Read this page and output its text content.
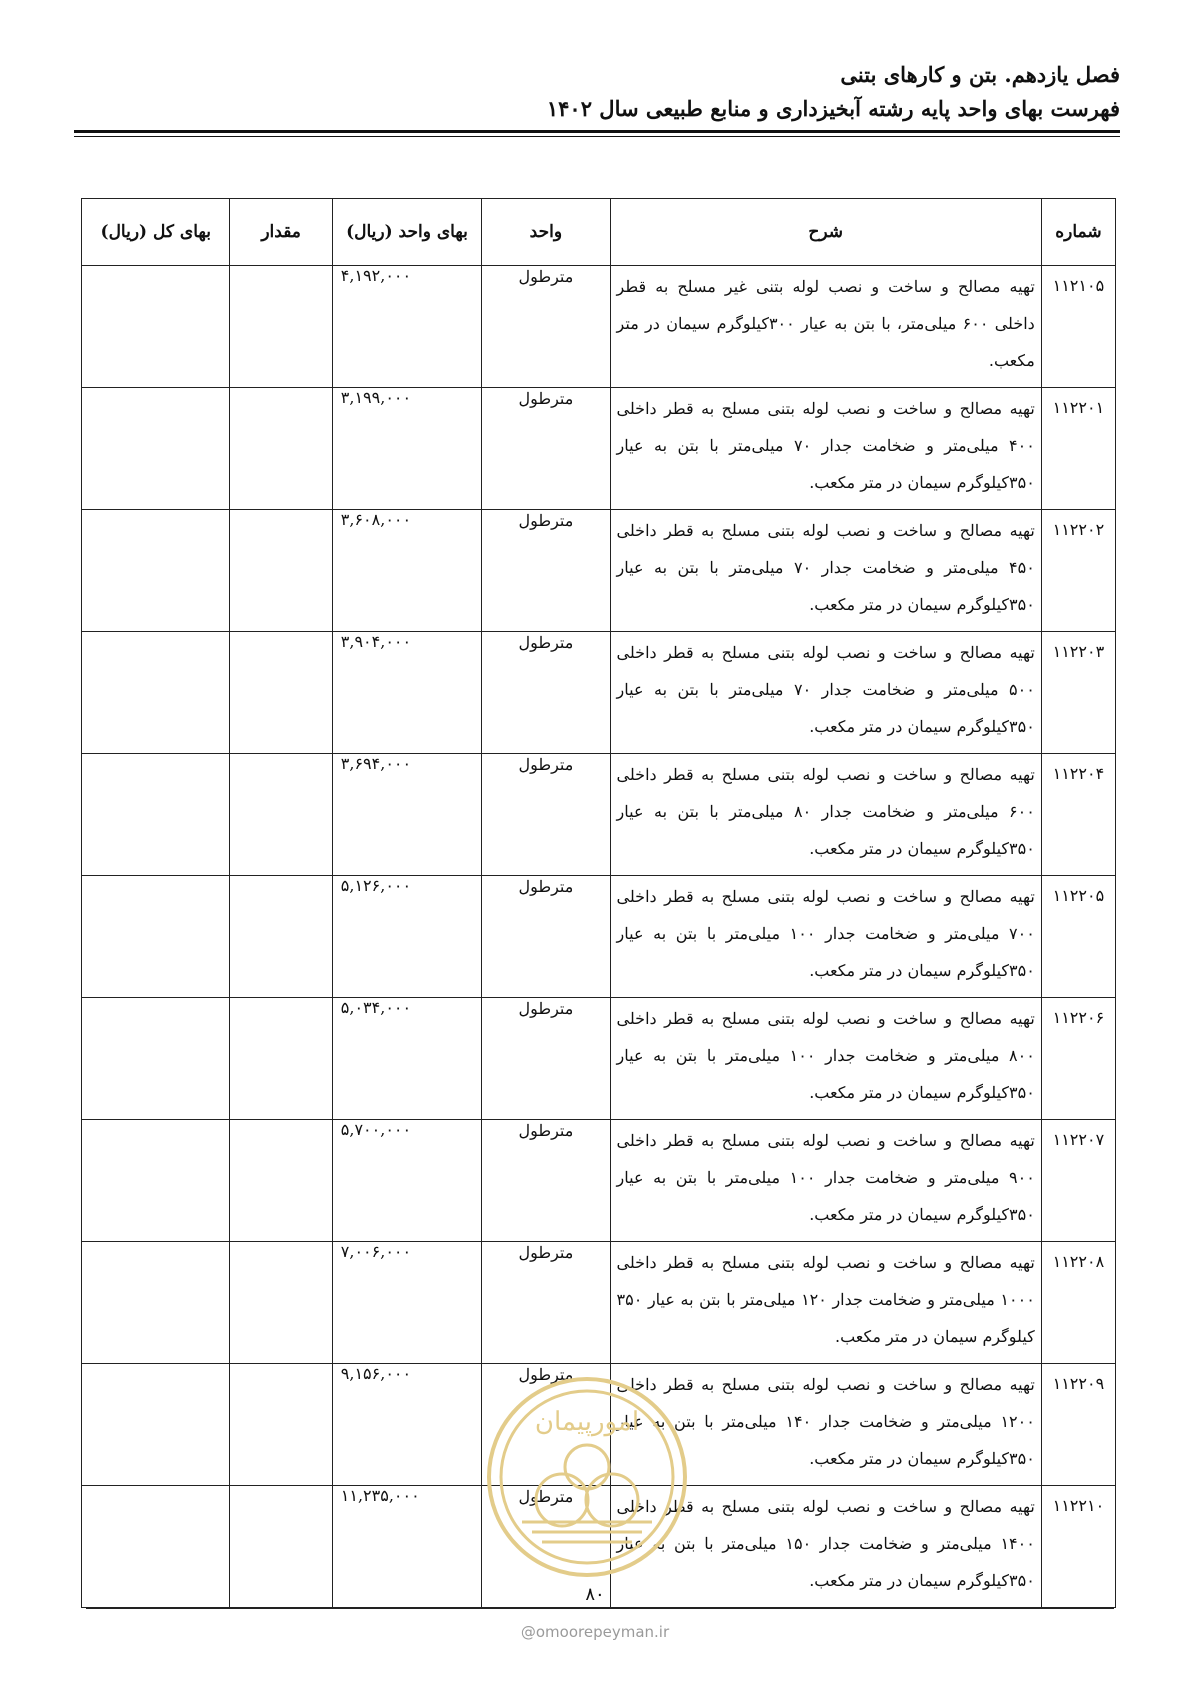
فصل یازدهم. بتن و کارهای بتنی
فهرست بهای واحد پایه رشته آبخیزداری و منابع طبیعی سال ۱۴۰۲
شماره	شرح	واحد	بهای واحد (ریال)	مقدار	بهای کل (ریال)
۱۱۲۱۰۵	تهیه مصالح و ساخت و نصب لوله بتنی غیر مسلح به قطر داخلی ۶۰۰ میلی‌متر، با بتن به عیار ۳۰۰کیلوگرم سیمان در متر مکعب.	مترطول	۴,۱۹۲,۰۰۰		
۱۱۲۲۰۱	تهیه مصالح و ساخت و نصب لوله بتنی مسلح به قطر داخلی ۴۰۰ میلی‌متر و ضخامت جدار ۷۰ میلی‌متر با بتن به عیار ۳۵۰کیلوگرم سیمان در متر مکعب.	مترطول	۳,۱۹۹,۰۰۰		
۱۱۲۲۰۲	تهیه مصالح و ساخت و نصب لوله بتنی مسلح به قطر داخلی ۴۵۰ میلی‌متر و ضخامت جدار ۷۰ میلی‌متر با بتن به عیار ۳۵۰کیلوگرم سیمان در متر مکعب.	مترطول	۳,۶۰۸,۰۰۰		
۱۱۲۲۰۳	تهیه مصالح و ساخت و نصب لوله بتنی مسلح به قطر داخلی ۵۰۰ میلی‌متر و ضخامت جدار ۷۰ میلی‌متر با بتن به عیار ۳۵۰کیلوگرم سیمان در متر مکعب.	مترطول	۳,۹۰۴,۰۰۰		
۱۱۲۲۰۴	تهیه مصالح و ساخت و نصب لوله بتنی مسلح به قطر داخلی ۶۰۰ میلی‌متر و ضخامت جدار ۸۰ میلی‌متر با بتن به عیار ۳۵۰کیلوگرم سیمان در متر مکعب.	مترطول	۳,۶۹۴,۰۰۰		
۱۱۲۲۰۵	تهیه مصالح و ساخت و نصب لوله بتنی مسلح به قطر داخلی ۷۰۰ میلی‌متر و ضخامت جدار ۱۰۰ میلی‌متر با بتن به عیار ۳۵۰کیلوگرم سیمان در متر مکعب.	مترطول	۵,۱۲۶,۰۰۰		
۱۱۲۲۰۶	تهیه مصالح و ساخت و نصب لوله بتنی مسلح به قطر داخلی ۸۰۰ میلی‌متر و ضخامت جدار ۱۰۰ میلی‌متر با بتن به عیار ۳۵۰کیلوگرم سیمان در متر مکعب.	مترطول	۵,۰۳۴,۰۰۰		
۱۱۲۲۰۷	تهیه مصالح و ساخت و نصب لوله بتنی مسلح به قطر داخلی ۹۰۰ میلی‌متر و ضخامت جدار ۱۰۰ میلی‌متر با بتن به عیار ۳۵۰کیلوگرم سیمان در متر مکعب.	مترطول	۵,۷۰۰,۰۰۰		
۱۱۲۲۰۸	تهیه مصالح و ساخت و نصب لوله بتنی مسلح به قطر داخلی ۱۰۰۰ میلی‌متر و ضخامت جدار ۱۲۰ میلی‌متر با بتن به عیار ۳۵۰ کیلوگرم سیمان در متر مکعب.	مترطول	۷,۰۰۶,۰۰۰		
۱۱۲۲۰۹	تهیه مصالح و ساخت و نصب لوله بتنی مسلح به قطر داخلی ۱۲۰۰ میلی‌متر و ضخامت جدار ۱۴۰ میلی‌متر با بتن به عیار ۳۵۰کیلوگرم سیمان در متر مکعب.	مترطول	۹,۱۵۶,۰۰۰		
۱۱۲۲۱۰	تهیه مصالح و ساخت و نصب لوله بتنی مسلح به قطر داخلی ۱۴۰۰ میلی‌متر و ضخامت جدار ۱۵۰ میلی‌متر با بتن به عیار ۳۵۰کیلوگرم سیمان در متر مکعب.	مترطول	۱۱,۲۳۵,۰۰۰		
امورپیمان
۸۰
@omoorepeyman.ir
